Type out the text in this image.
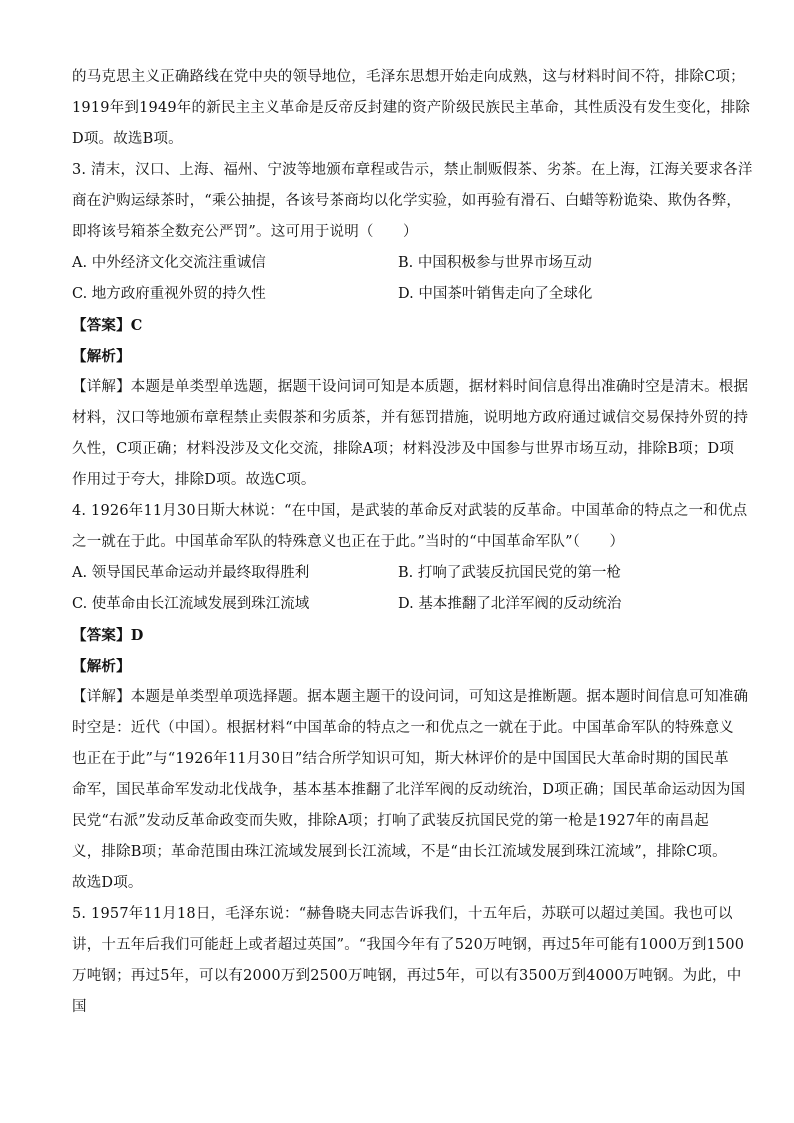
的马克思主义正确路线在党中央的领导地位，毛泽东思想开始走向成熟，这与材料时间不符，排除C项；
1919年到1949年的新民主主义革命是反帝反封建的资产阶级民族民主革命，其性质没有发生变化，排除
D项。故选B项。
3. 清末，汉口、上海、福州、宁波等地颁布章程或告示，禁止制贩假茶、劣茶。在上海，江海关要求各洋
商在沪购运绿茶时，“乘公抽提，各该号茶商均以化学实验，如再验有滑石、白蜡等粉诡染、欺伪各弊，
即将该号箱茶全数充公严罚”。这可用于说明（　　）
A. 中外经济文化交流注重诚信	B. 中国积极参与世界市场互动
C. 地方政府重视外贸的持久性	D. 中国茶叶销售走向了全球化
【答案】C
【解析】
【详解】本题是单类型单选题，据题干设问词可知是本质题，据材料时间信息得出准确时空是清末。根据
材料，汉口等地颁布章程禁止卖假茶和劣质茶，并有惩罚措施，说明地方政府通过诚信交易保持外贸的持
久性，C项正确；材料没涉及文化交流，排除A项；材料没涉及中国参与世界市场互动，排除B项；D项
作用过于夸大，排除D项。故选C项。
4. 1926年11月30日斯大林说：“在中国，是武装的革命反对武装的反革命。中国革命的特点之一和优点
之一就在于此。中国革命军队的特殊意义也正在于此。”当时的“中国革命军队”（　　）
A. 领导国民革命运动并最终取得胜利	B. 打响了武装反抗国民党的第一枪
C. 使革命由长江流域发展到珠江流域	D. 基本推翻了北洋军阀的反动统治
【答案】D
【解析】
【详解】本题是单类型单项选择题。据本题主题干的设问词，可知这是推断题。据本题时间信息可知准确
时空是：近代（中国）。根据材料“中国革命的特点之一和优点之一就在于此。中国革命军队的特殊意义
也正在于此”与“1926年11月30日”结合所学知识可知，斯大林评价的是中国国民大革命时期的国民革
命军，国民革命军发动北伐战争，基本基本推翻了北洋军阀的反动统治，D项正确；国民革命运动因为国
民党“右派”发动反革命政变而失败，排除A项；打响了武装反抗国民党的第一枪是1927年的南昌起
义，排除B项；革命范围由珠江流域发展到长江流域，不是“由长江流域发展到珠江流域”，排除C项。
故选D项。
5. 1957年11月18日，毛泽东说：“赫鲁晓夫同志告诉我们，十五年后，苏联可以超过美国。我也可以
讲，十五年后我们可能赶上或者超过英国”。“我国今年有了520万吨钢，再过5年可能有1000万到1500
万吨钢；再过5年，可以有2000万到2500万吨钢，再过5年，可以有3500万到4000万吨钢。为此，中
国
